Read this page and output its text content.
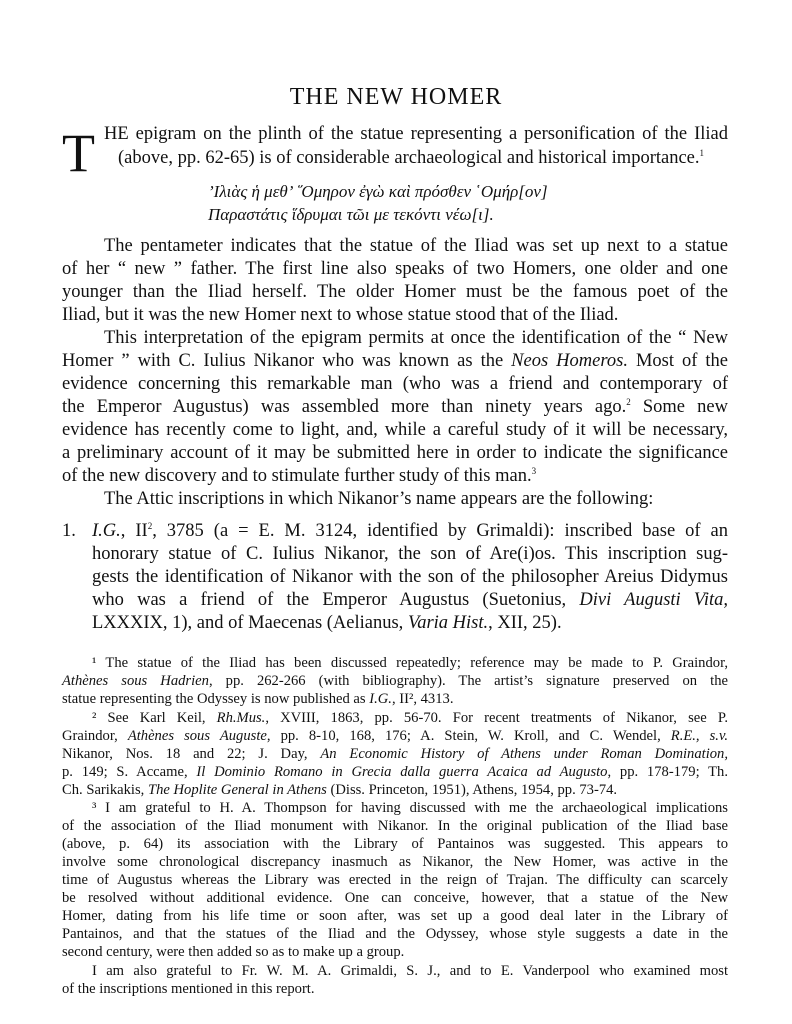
THE NEW HOMER
T HE epigram on the plinth of the statue representing a personification of the Iliad
(above, pp. 62-65) is of considerable archaeological and historical importance.$^1$
’Ιλιὰς ἡ μεθ’ ῞Ομηρον ἐγὼ καὶ πρόσθεν ῾Ομήρ[ον]
Παραστάτις ἵδρυμαι τῶι με τεκόντι νέω[ι].
The pentameter indicates that the statue of the Iliad was set up next to a statue
of her “ new ” father. The first line also speaks of two Homers, one older and one
younger than the Iliad herself. The older Homer must be the famous poet of the
Iliad, but it was the new Homer next to whose statue stood that of the Iliad.
This interpretation of the epigram permits at once the identification of the “ New
Homer ” with C. Iulius Nikanor who was known as the Neos Homeros. Most of the
evidence concerning this remarkable man (who was a friend and contemporary of
the Emperor Augustus) was assembled more than ninety years ago.$^2$ Some new
evidence has recently come to light, and, while a careful study of it will be necessary,
a preliminary account of it may be submitted here in order to indicate the significance
of the new discovery and to stimulate further study of this man.$^3$
The Attic inscriptions in which Nikanor’s name appears are the following:
1. I.G., $II^2$, 3785 (a = E. M. 3124, identified by Grimaldi): inscribed base of an
honorary statue of C. Iulius Nikanor, the son of Are(i)os. This inscription sug-
gests the identification of Nikanor with the son of the philosopher Areius Didymus
who was a friend of the Emperor Augustus (Suetonius, Divi Augusti Vita,
LXXXIX, 1), and of Maecenas (Aelianus, Varia Hist., XII, 25).
¹ The statue of the Iliad has been discussed repeatedly; reference may be made to P. Graindor,
Athènes sous Hadrien, pp. 262-266 (with bibliography). The artist’s signature preserved on the
statue representing the Odyssey is now published as I.G., II², 4313.
² See Karl Keil, Rh.Mus., XVIII, 1863, pp. 56-70. For recent treatments of Nikanor, see P.
Graindor, Athènes sous Auguste, pp. 8-10, 168, 176; A. Stein, W. Kroll, and C. Wendel, R.E., s.v.
Nikanor, Nos. 18 and 22; J. Day, An Economic History of Athens under Roman Domination,
p. 149; S. Accame, Il Dominio Romano in Grecia dalla guerra Acaica ad Augusto, pp. 178-179; Th.
Ch. Sarikakis, The Hoplite General in Athens (Diss. Princeton, 1951), Athens, 1954, pp. 73-74.
³ I am grateful to H. A. Thompson for having discussed with me the archaeological implications
of the association of the Iliad monument with Nikanor. In the original publication of the Iliad base
(above, p. 64) its association with the Library of Pantainos was suggested. This appears to
involve some chronological discrepancy inasmuch as Nikanor, the New Homer, was active in the
time of Augustus whereas the Library was erected in the reign of Trajan. The difficulty can scarcely
be resolved without additional evidence. One can conceive, however, that a statue of the New
Homer, dating from his life time or soon after, was set up a good deal later in the Library of
Pantainos, and that the statues of the Iliad and the Odyssey, whose style suggests a date in the
second century, were then added so as to make up a group.
I am also grateful to Fr. W. M. A. Grimaldi, S. J., and to E. Vanderpool who examined most
of the inscriptions mentioned in this report.
